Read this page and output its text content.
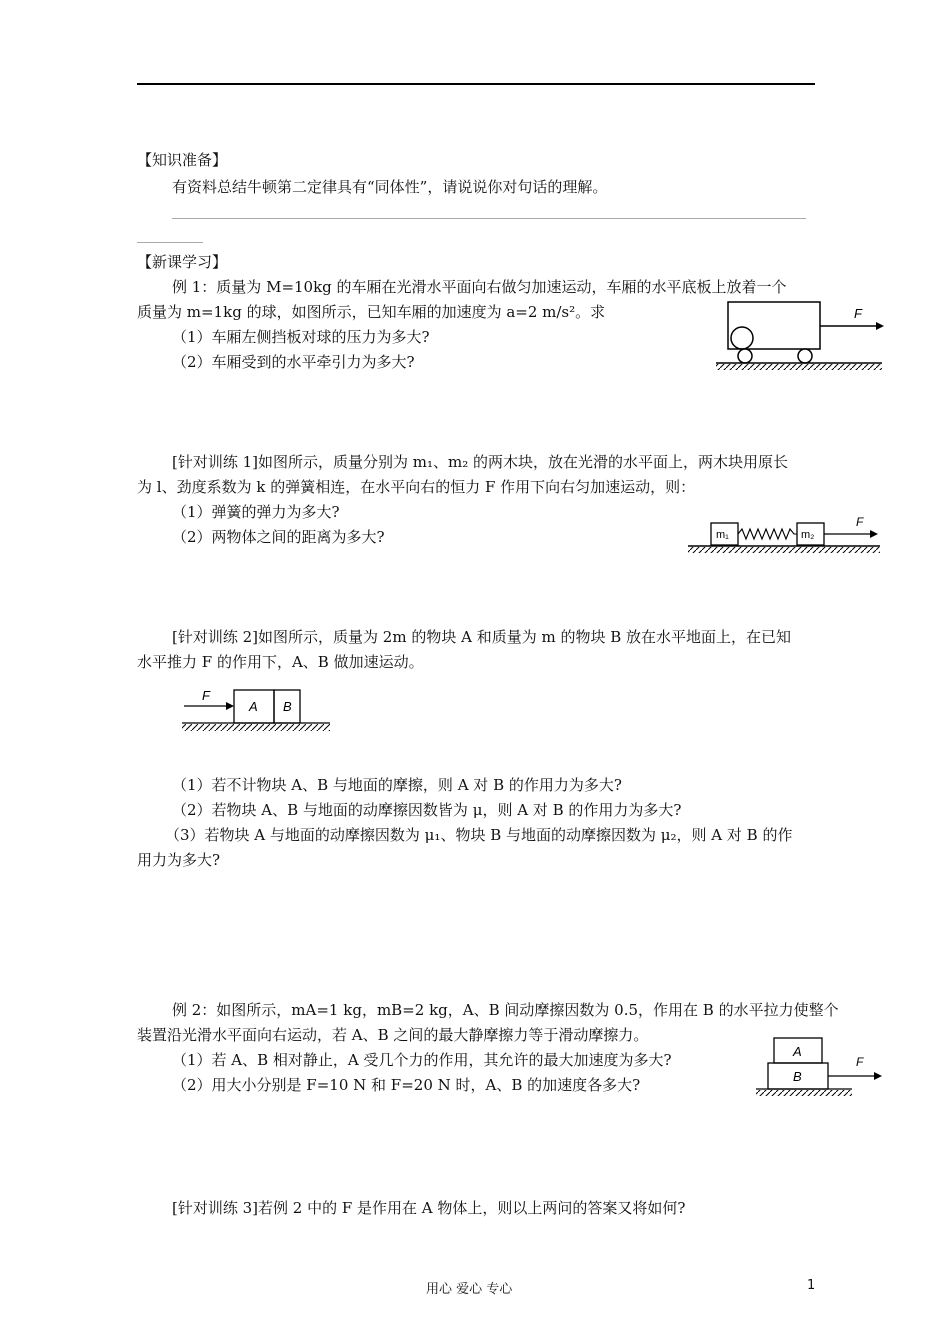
【知识准备】
有资料总结牛顿第二定律具有“同体性”，请说说你对句话的理解。
【新课学习】
例 1：质量为 M=10kg 的车厢在光滑水平面向右做匀加速运动，车厢的水平底板上放着一个
质量为 m=1kg 的球，如图所示，已知车厢的加速度为 a=2 m/s²。求
（1）车厢左侧挡板对球的压力为多大?
（2）车厢受到的水平牵引力为多大?
F
[针对训练 1]如图所示，质量分别为 m₁、m₂ 的两木块，放在光滑的水平面上，两木块用原长
为 l、劲度系数为 k 的弹簧相连，在水平向右的恒力 F 作用下向右匀加速运动，则：
（1）弹簧的弹力为多大?
（2）两物体之间的距离为多大?	m₁	m₂
F
[针对训练 2]如图所示，质量为 2m 的物块 A 和质量为 m 的物块 B 放在水平地面上，在已知
水平推力 F 的作用下，A、B 做加速运动。
F
A B
（1）若不计物块 A、B 与地面的摩擦，则 A 对 B 的作用力为多大?
（2）若物块 A、B 与地面的动摩擦因数皆为 μ，则 A 对 B 的作用力为多大?
（3）若物块 A 与地面的动摩擦因数为 μ₁、物块 B 与地面的动摩擦因数为 μ₂，则 A 对 B 的作
用力为多大?
例 2：如图所示，mA=1 kg，mB=2 kg，A、B 间动摩擦因数为 0.5，作用在 B 的水平拉力使整个
装置沿光滑水平面向右运动，若 A、B 之间的最大静摩擦力等于滑动摩擦力。
（1）若 A、B 相对静止，A 受几个力的作用，其允许的最大加速度为多大?
（2）用大小分别是 F=10 N 和 F=20 N 时，A、B 的加速度各多大?
A
B
F
[针对训练 3]若例 2 中的 F 是作用在 A 物体上，则以上两问的答案又将如何?
用心 爱心 专心	1
